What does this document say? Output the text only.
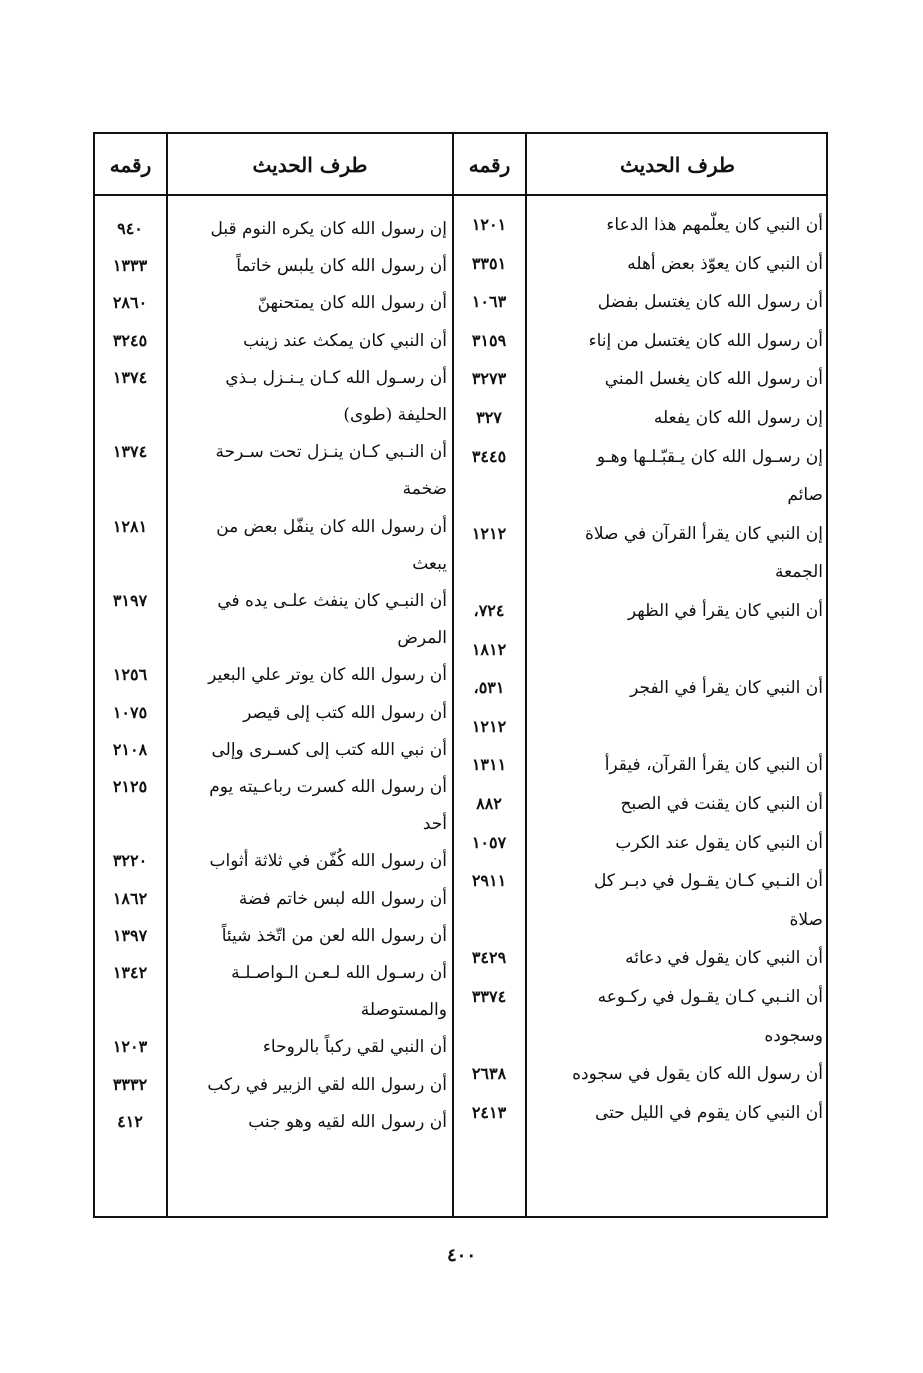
طرف الحديث
رقمه
طرف الحديث
رقمه
أن النبي كان يعلّمهم هذا الدعاء
١٢٠١
أن النبي كان يعوّذ بعض أهله
٣٣٥١
أن رسول الله كان يغتسل بفضل
١٠٦٣
أن رسول الله كان يغتسل من إناء
٣١٥٩
أن رسول الله كان يغسل المني
٣٢٧٣
إن رسول الله كان يفعله
٣٢٧
إن رسـول الله كان يـقبّـلـها وهـو
٣٤٤٥
صائم
إن النبي كان يقرأ القرآن في صلاة
١٢١٢
الجمعة
أن النبي كان يقرأ في الظهر
٧٢٤،
١٨١٢
أن النبي كان يقرأ في الفجر
٥٣١،
١٢١٢
أن النبي كان يقرأ القرآن، فيقرأ
١٣١١
أن النبي كان يقنت في الصبح
٨٨٢
أن النبي كان يقول عند الكرب
١٠٥٧
أن النـبي كـان يقـول في دبـر كل
٢٩١١
صلاة
أن النبي كان يقول في دعائه
٣٤٢٩
أن النـبي كـان يقـول في ركـوعه
٣٣٧٤
وسجوده
أن رسول الله كان يقول في سجوده
٢٦٣٨
أن النبي كان يقوم في الليل حتى
٢٤١٣
إن رسول الله كان يكره النوم قبل
٩٤٠
أن رسول الله كان يلبس خاتماً
١٣٣٣
أن رسول الله كان يمتحنهنّ
٢٨٦٠
أن النبي كان يمكث عند زينب
٣٢٤٥
أن رسـول الله كـان يـنـزل بـذي
١٣٧٤
الحليفة (طوى)
أن النـبي كـان ينـزل تحت سـرحة
١٣٧٤
ضخمة
أن رسول الله كان ينفّل بعض من
١٢٨١
يبعث
أن النبـي كان ينفث علـى يده في
٣١٩٧
المرض
أن رسول الله كان يوتر علي البعير
١٢٥٦
أن رسول الله كتب إلى قيصر
١٠٧٥
أن نبي الله كتب إلى كسـرى وإلى
٢١٠٨
أن رسول الله كسرت رباعـيته يوم
٢١٢٥
أحد
أن رسول الله كُفّن في ثلاثة أثواب
٣٢٢٠
أن رسول الله لبس خاتم فضة
١٨٦٢
أن رسول الله لعن من اتّخذ شيئاً
١٣٩٧
أن رسـول الله لـعـن الـواصـلـة
١٣٤٢
والمستوصلة
أن النبي لقي ركباً بالروحاء
١٢٠٣
أن رسول الله لقي الزبير في ركب
٣٣٣٢
أن رسول الله لقيه وهو جنب
٤١٢
٤٠٠
